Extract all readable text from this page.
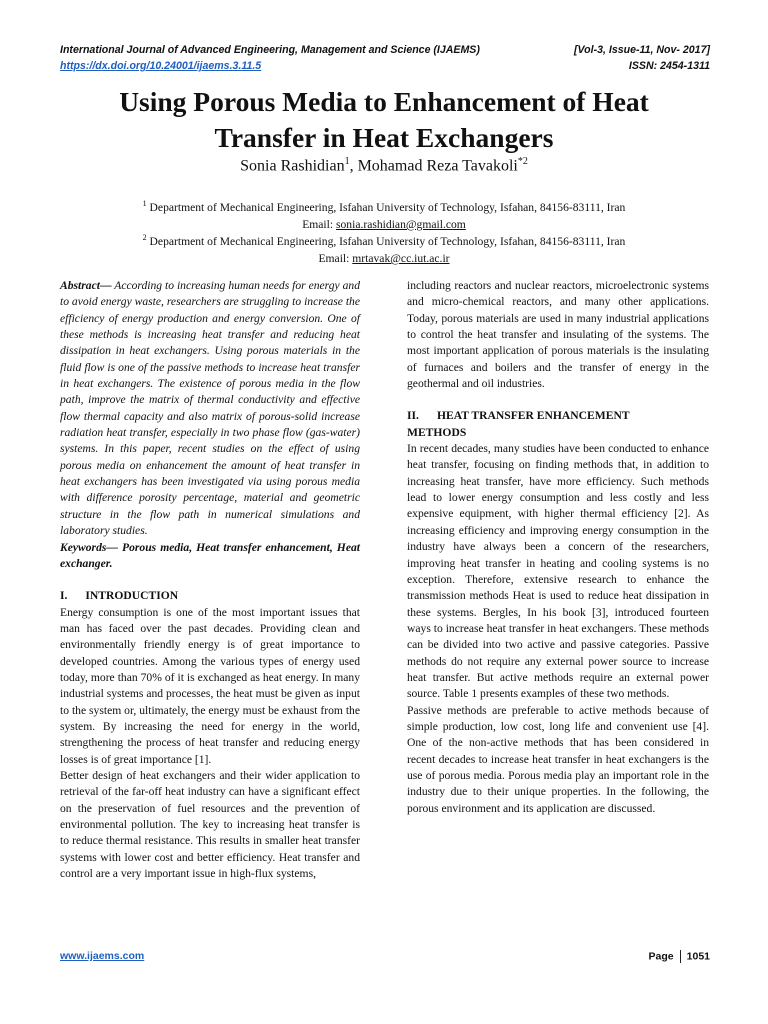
International Journal of Advanced Engineering, Management and Science (IJAEMS)	[Vol-3, Issue-11, Nov- 2017]
https://dx.doi.org/10.24001/ijaems.3.11.5	ISSN: 2454-1311
Using Porous Media to Enhancement of Heat
Transfer in Heat Exchangers
Sonia Rashidian$^1$, Mohamad Reza Tavakoli$^{*2}$
$^1$ Department of Mechanical Engineering, Isfahan University of Technology, Isfahan, 84156-83111, Iran
Email: sonia.rashidian@gmail.com
$^2$ Department of Mechanical Engineering, Isfahan University of Technology, Isfahan, 84156-83111, Iran
Email: mrtavak@cc.iut.ac.ir

Abstract— According to increasing human needs for energy and to avoid energy waste, researchers are struggling to increase the efficiency of energy production and energy conversion. One of these methods is increasing heat transfer and reducing heat dissipation in heat exchangers. Using porous materials in the fluid flow is one of the passive methods to increase heat transfer in heat exchangers. The existence of porous media in the flow path, improve the matrix of thermal conductivity and effective flow thermal capacity and also matrix of porous-solid increase radiation heat transfer, especially in two phase flow (gas-water) systems. In this paper, recent studies on the effect of using porous media on enhancement the amount of heat transfer in heat exchangers has been investigated via using porous media with difference porosity percentage, material and geometric structure in the flow path in numerical simulations and laboratory studies.

Keywords— Porous media, Heat transfer enhancement, Heat exchanger.

I. INTRODUCTION

Energy consumption is one of the most important issues that man has faced over the past decades. Providing clean and environmentally friendly energy is of great importance to developed countries. Among the various types of energy used today, more than 70% of it is exchanged as heat energy. In many industrial systems and processes, the heat must be given as input to the system or, ultimately, the energy must be exhaust from the system. By increasing the need for energy in the world, strengthening the process of heat transfer and reducing energy losses is of great importance [1].

Better design of heat exchangers and their wider application to retrieval of the far-off heat industry can have a significant effect on the preservation of fuel resources and the prevention of environmental pollution. The key to increasing heat transfer is to reduce thermal resistance. This results in smaller heat transfer systems with lower cost and better efficiency. Heat transfer and control are a very important issue in high-flux systems,

including reactors and nuclear reactors, microelectronic systems and micro-chemical reactors, and many other applications. Today, porous materials are used in many industrial applications to control the heat transfer and insulating of the systems. The most important application of porous materials is the insulating of furnaces and boilers and the transfer of energy in the geothermal and oil industries.

II. HEAT TRANSFER ENHANCEMENT
METHODS

In recent decades, many studies have been conducted to enhance heat transfer, focusing on finding methods that, in addition to increasing heat transfer, have more efficiency. Such methods lead to lower energy consumption and less costly and less expensive equipment, with higher thermal efficiency [2]. As increasing efficiency and improving energy consumption in the industry have always been a concern of the researchers, improving heat transfer in heating and cooling systems is no exception. Therefore, extensive research to enhance the transmission methods Heat is used to reduce heat dissipation in these systems. Bergles, In his book [3], introduced fourteen ways to increase heat transfer in heat exchangers. These methods can be divided into two active and passive categories. Passive methods do not require any external power source to increase heat transfer. But active methods require an external power source. Table 1 presents examples of these two methods.

Passive methods are preferable to active methods because of simple production, low cost, long life and convenient use [4]. One of the non-active methods that has been considered in recent decades to increase heat transfer in heat exchangers is the use of porous media. Porous media play an important role in the industry due to their unique properties. In the following, the porous environment and its application are discussed.

www.ijaems.com	Page 1051
